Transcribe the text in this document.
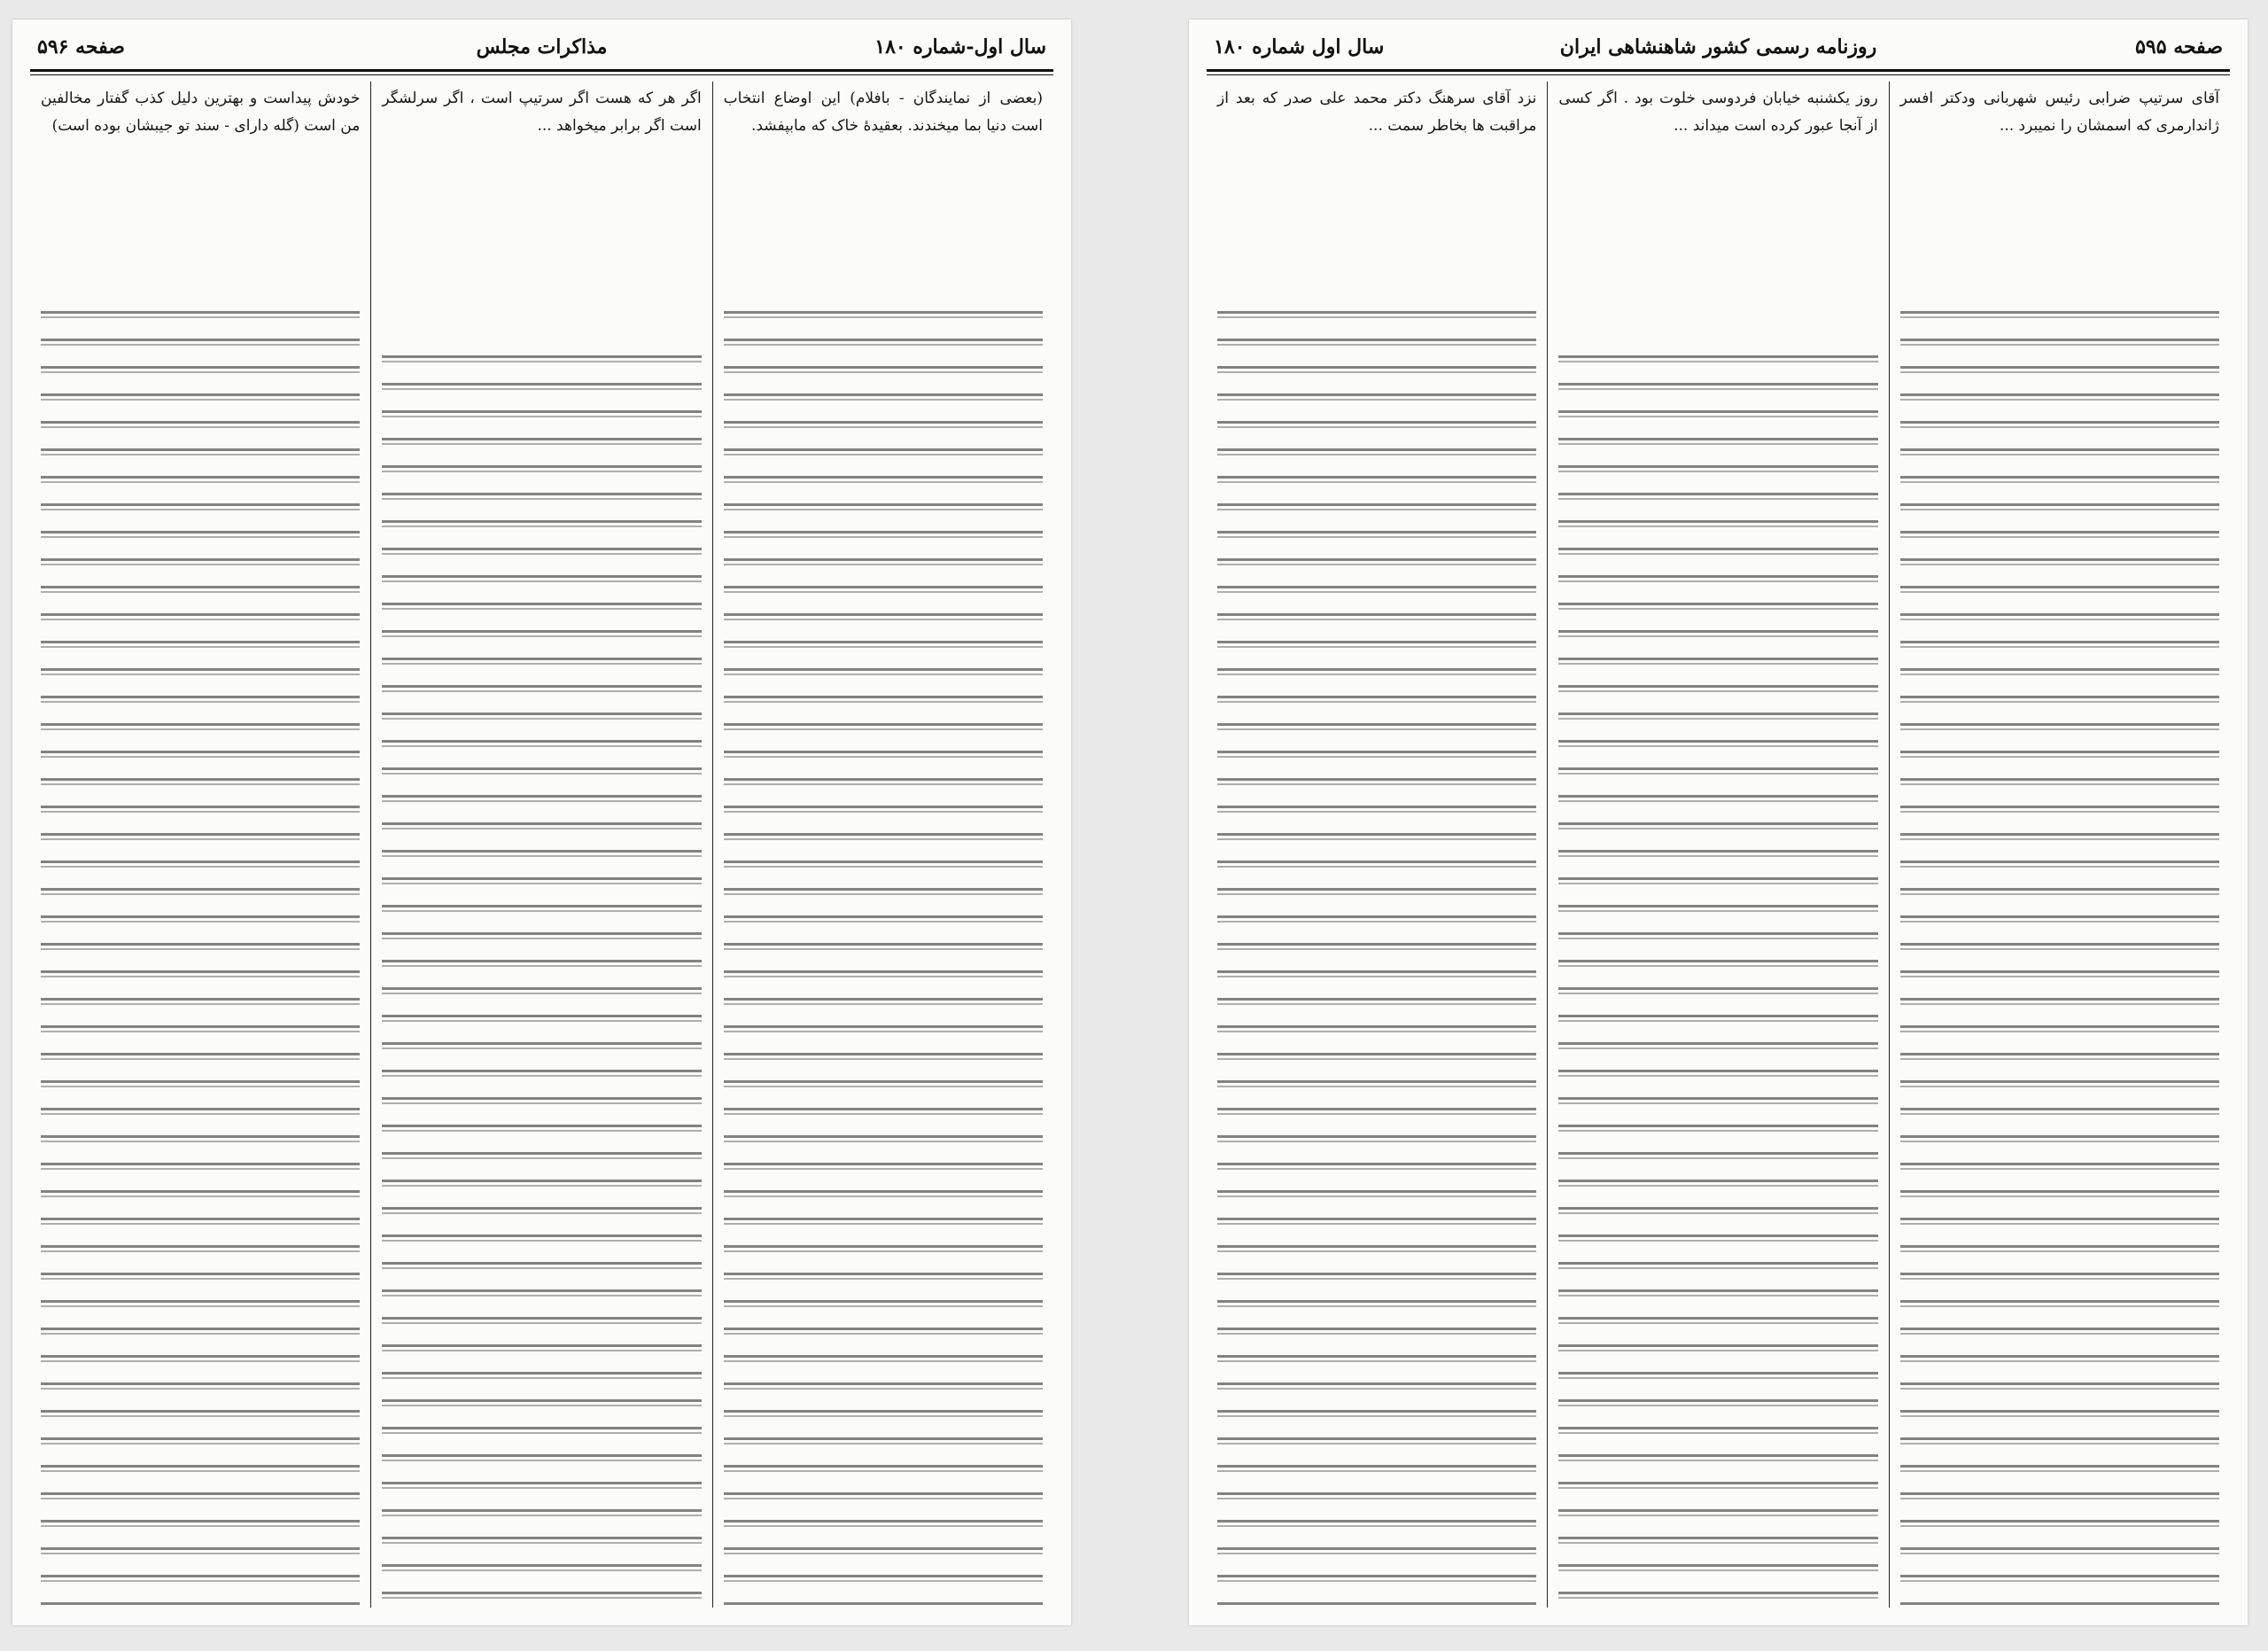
سال اول-شماره ۱۸۰
مذاکرات مجلس
صفحه ۵۹۶

(بعضی از نمایندگان - بافلام) این اوضاع انتخاب است دنیا بما میخندند. بعقیدهٔ خاک که مابپفشد.

اگر هر که هست اگر سرتیپ است ، اگر سرلشگر است اگر برابر میخواهد ...

خودش پیداست و بهترین دلیل کذب گفتار مخالفین من است (گله دارای - سند تو جیبشان بوده است)

صفحه ۵۹۵
روزنامه رسمی کشور شاهنشاهی ایران
سال اول شماره ۱۸۰

آقای سرتیپ ضرابی رئیس شهربانی ودکتر افسر ژاندارمری که اسمشان را نمیبرد ...

روز یکشنبه خیابان فردوسی خلوت بود . اگر کسی از آنجا عبور کرده است میداند ...

نزد آقای سرهنگ دکتر محمد علی صدر که بعد از مراقبت ها بخاطر سمت ...
